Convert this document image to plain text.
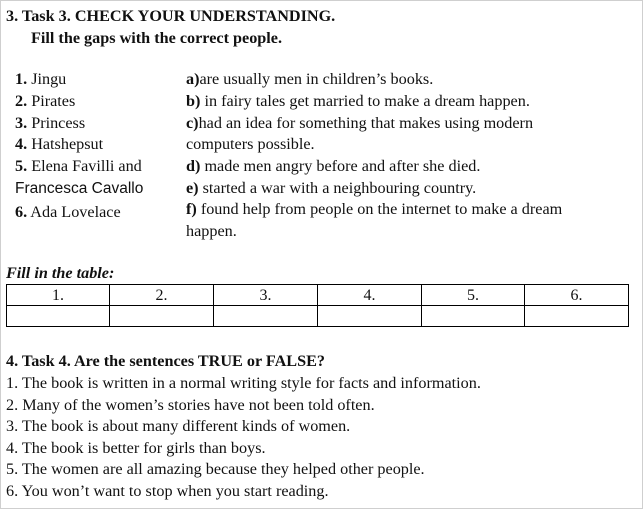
3. Task 3. CHECK YOUR UNDERSTANDING.
Fill the gaps with the correct people.
1. Jingu
2. Pirates
3. Princess
4. Hatshepsut
5. Elena Favilli and
Francesca Cavallo
6. Ada Lovelace
a)are usually men in children’s books.
b) in fairy tales get married to make a dream happen.
c)had an idea for something that makes using modern
computers possible.
d) made men angry before and after she died.
e) started a war with a neighbouring country.
f) found help from people on the internet to make a dream
happen.
Fill in the table:
1.	2.	3.	4.	5.	6.

4. Task 4. Are the sentences TRUE or FALSE?
1. The book is written in a normal writing style for facts and information.
2. Many of the women’s stories have not been told often.
3. The book is about many different kinds of women.
4. The book is better for girls than boys.
5. The women are all amazing because they helped other people.
6. You won’t want to stop when you start reading.
